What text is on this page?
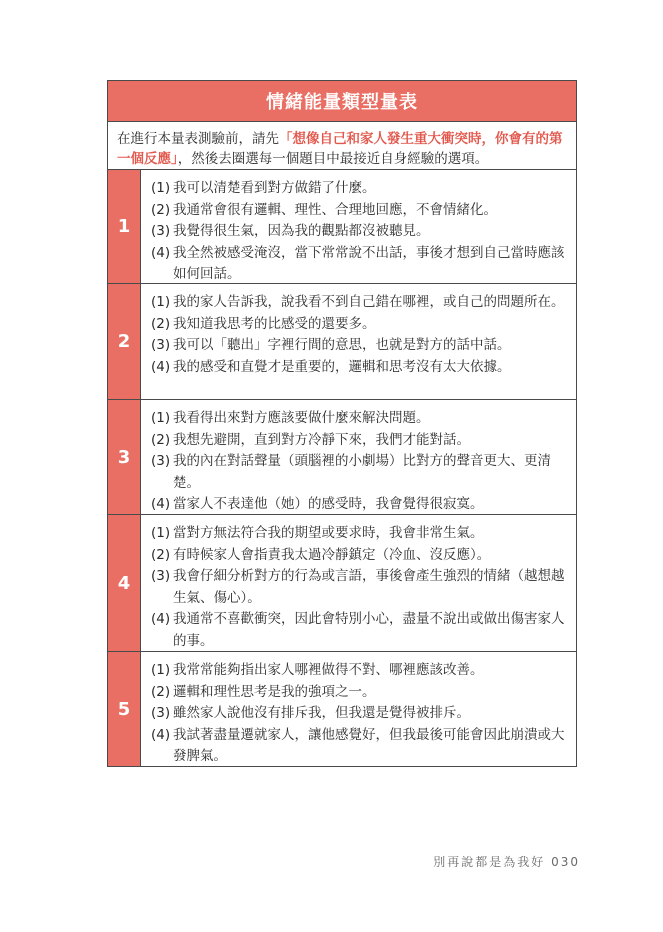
情緒能量類型量表
在進行本量表測驗前，請先「想像自己和家人發生重大衝突時，你會有的第一個反應」，然後去圈選每一個題目中最接近自身經驗的選項。
1
(1) 我可以清楚看到對方做錯了什麼。
(2) 我通常會很有邏輯、理性、合理地回應，不會情緒化。
(3) 我覺得很生氣，因為我的觀點都沒被聽見。
(4) 我全然被感受淹沒，當下常常說不出話，事後才想到自己當時應該如何回話。
2
(1) 我的家人告訴我，說我看不到自己錯在哪裡，或自己的問題所在。
(2) 我知道我思考的比感受的還要多。
(3) 我可以「聽出」字裡行間的意思，也就是對方的話中話。
(4) 我的感受和直覺才是重要的，邏輯和思考沒有太大依據。
3
(1) 我看得出來對方應該要做什麼來解決問題。
(2) 我想先避開，直到對方冷靜下來，我們才能對話。
(3) 我的內在對話聲量（頭腦裡的小劇場）比對方的聲音更大、更清楚。
(4) 當家人不表達他（她）的感受時，我會覺得很寂寞。
4
(1) 當對方無法符合我的期望或要求時，我會非常生氣。
(2) 有時候家人會指責我太過冷靜鎮定（冷血、沒反應）。
(3) 我會仔細分析對方的行為或言語，事後會產生強烈的情緒（越想越生氣、傷心）。
(4) 我通常不喜歡衝突，因此會特別小心，盡量不說出或做出傷害家人的事。
5
(1) 我常常能夠指出家人哪裡做得不對、哪裡應該改善。
(2) 邏輯和理性思考是我的強項之一。
(3) 雖然家人說他沒有排斥我，但我還是覺得被排斥。
(4) 我試著盡量遷就家人，讓他感覺好，但我最後可能會因此崩潰或大發脾氣。
別再說都是為我好 030
